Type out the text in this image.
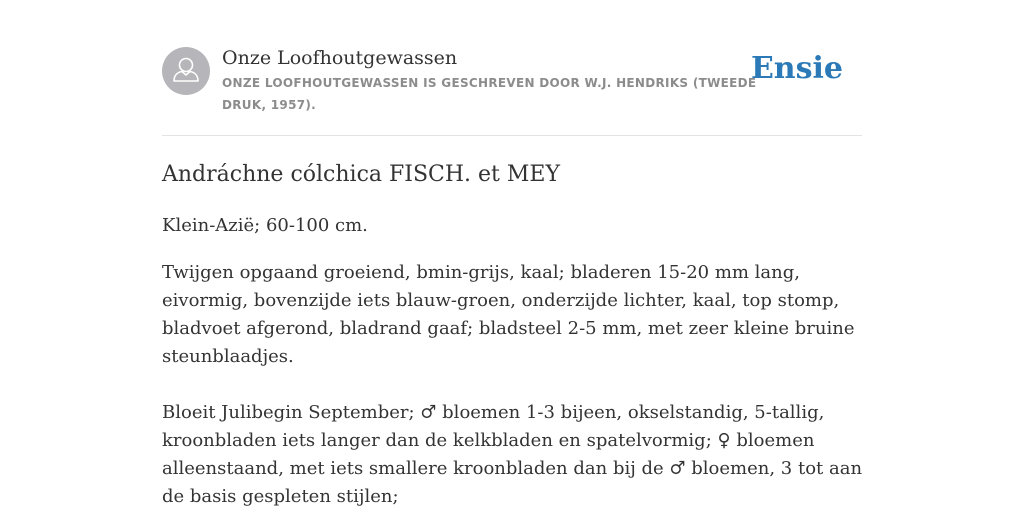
Onze Loofhoutgewassen
ONZE LOOFHOUTGEWASSEN IS GESCHREVEN DOOR W.J. HENDRIKS (TWEEDE DRUK, 1957).
Ensie
Andráchne cólchica FISCH. et MEY

Klein-Azië; 60-100 cm.

Twijgen opgaand groeiend, bmin-grijs, kaal; bladeren 15-20 mm lang, eivormig, bovenzijde iets blauw-groen, onderzijde lichter, kaal, top stomp, bladvoet afgerond, bladrand gaaf; bladsteel 2-5 mm, met zeer kleine bruine steunblaadjes.

Bloeit Julibegin September; ♂ bloemen 1-3 bijeen, okselstandig, 5-tallig, kroonbladen iets langer dan de kelkbladen en spatelvormig; ♀ bloemen alleenstaand, met iets smallere kroonbladen dan bij de ♂ bloemen, 3 tot aan de basis gespleten stijlen;
